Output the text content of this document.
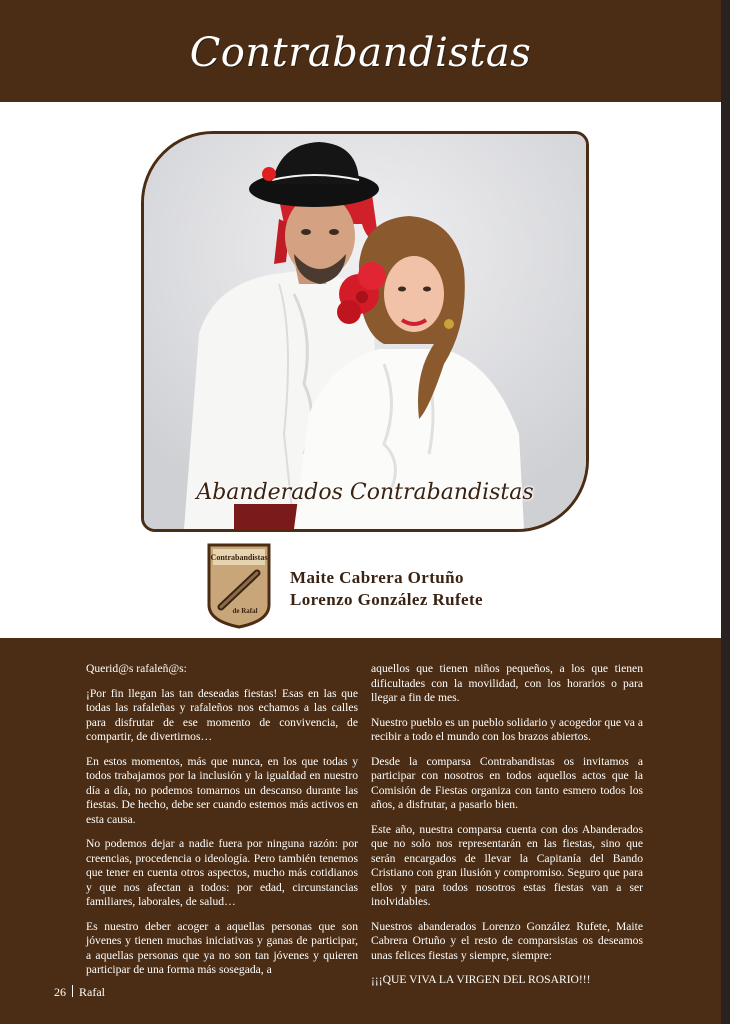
Contrabandistas
Abanderados Contrabandistas
Contrabandistas
de Rafal
Maite Cabrera Ortuño
Lorenzo González Rufete

Querid@s rafaleñ@s:

¡Por fin llegan las tan deseadas fiestas! Esas en las que todas las rafaleñas y rafaleños nos echamos a las calles para disfrutar de ese momento de convivencia, de compartir, de divertirnos…

En estos momentos, más que nunca, en los que todas y todos trabajamos por la inclusión y la igualdad en nuestro día a día, no podemos tomarnos un descanso durante las fiestas. De hecho, debe ser cuando estemos más activos en esta causa.

No podemos dejar a nadie fuera por ninguna razón: por creencias, procedencia o ideología. Pero también tenemos que tener en cuenta otros aspectos, mucho más cotidianos y que nos afectan a todos: por edad, circunstancias familiares, laborales, de salud…

Es nuestro deber acoger a aquellas personas que son jóvenes y tienen muchas iniciativas y ganas de participar, a aquellas personas que ya no son tan jóvenes y quieren participar de una forma más sosegada, a

aquellos que tienen niños pequeños, a los que tienen dificultades con la movilidad, con los horarios o para llegar a fin de mes.

Nuestro pueblo es un pueblo solidario y acogedor que va a recibir a todo el mundo con los brazos abiertos.

Desde la comparsa Contrabandistas os invitamos a participar con nosotros en todos aquellos actos que la Comisión de Fiestas organiza con tanto esmero todos los años, a disfrutar, a pasarlo bien.

Este año, nuestra comparsa cuenta con dos Abanderados que no solo nos representarán en las fiestas, sino que serán encargados de llevar la Capitanía del Bando Cristiano con gran ilusión y compromiso. Seguro que para ellos y para todos nosotros estas fiestas van a ser inolvidables.

Nuestros abanderados Lorenzo González Rufete, Maite Cabrera Ortuño y el resto de comparsistas os deseamos unas felices fiestas y siempre, siempre:

¡¡¡QUE VIVA LA VIRGEN DEL ROSARIO!!!

26 Rafal
